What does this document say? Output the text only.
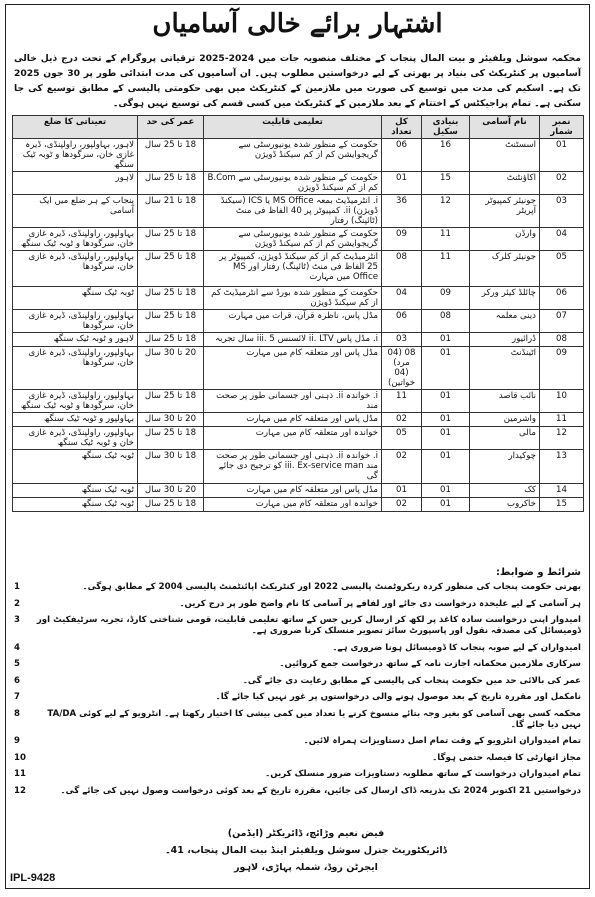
اشتہار برائے خالی آسامیاں
محکمہ سوشل ویلفیئر و بیت المال پنجاب کے مختلف منصوبہ جات میں 2024-2025 ترقیاتی پروگرام کے تحت درج ذیل خالی آسامیوں پر کنٹریکٹ کی بنیاد پر بھرتی کے لیے درخواستیں مطلوب ہیں۔ ان آسامیوں کی مدت ابتدائی طور پر 30 جون 2025 تک ہے۔ اسکیم کی مدت میں توسیع کی صورت میں ملازمین کے کنٹریکٹ میں بھی حکومتی پالیسی کے مطابق توسیع کی جا سکتی ہے۔ تمام پراجیکٹس کے اختتام کے بعد ملازمین کے کنٹریکٹ میں کسی قسم کی توسیع نہیں ہوگی۔
نمبر شمار	نام آسامی	بنیادی سکیل	کل تعداد	تعلیمی قابلیت	عمر کی حد	تعیناتی کا ضلع
01	اسسٹنٹ	16	06	حکومت کے منظور شدہ یونیورسٹی سے گریجوایشن کم از کم سیکنڈ ڈویژن	18 تا 25 سال	لاہور، بہاولپور، راولپنڈی، ڈیرہ غازی خان، سرگودھا و ٹوبہ ٹیک سنگھ
02	اکاؤنٹنٹ	15	01	حکومت کے منظور شدہ یونیورسٹی سے B.Com کم از کم سیکنڈ ڈویژن	18 تا 25 سال	لاہور
03	جونیئر کمپیوٹر آپریٹر	12	36	i. انٹرمیڈیٹ بمعہ MS Office یا ICS (سیکنڈ ڈویژن) ii. کمپیوٹر پر 40 الفاظ فی منٹ (ٹائپنگ) رفتار	18 تا 21 سال	پنجاب کے ہر ضلع میں ایک آسامی
04	وارڈن	11	09	حکومت کے منظور شدہ یونیورسٹی سے گریجوایشن کم از کم سیکنڈ ڈویژن	18 تا 25 سال	بہاولپور، راولپنڈی، ڈیرہ غازی خان، سرگودھا و ٹوبہ ٹیک سنگھ
05	جونیئر کلرک	11	08	انٹرمیڈیٹ کم از کم سیکنڈ ڈویژن، کمپیوٹر پر 25 الفاظ فی منٹ (ٹائپنگ) رفتار اور MS Office میں مہارت	18 تا 25 سال	بہاولپور، راولپنڈی، ڈیرہ غازی خان، سرگودھا
06	چائلڈ کیئر ورکر	09	04	حکومت کے منظور شدہ بورڈ سے انٹرمیڈیٹ کم از کم سیکنڈ ڈویژن	18 تا 25 سال	ٹوبہ ٹیک سنگھ
07	دینی معلمہ	08	06	مڈل پاس، ناظرہ قرآن، قرات میں مہارت	18 تا 25 سال	بہاولپور، راولپنڈی، ڈیرہ غازی خان، سرگودھا
08	ڈرائیور	01	03	i. مڈل پاس ii. LTV لائسنس iii. 5 سال تجربہ	18 تا 25 سال	لاہور و ٹوبہ ٹیک سنگھ
09	اٹینڈنٹ	01	08 (04 مرد) (04 خواتین)	مڈل پاس اور متعلقہ کام میں مہارت	20 تا 30 سال	بہاولپور، راولپنڈی، ڈیرہ غازی خان، سرگودھا
10	نائب قاصد	01	11	i. خواندہ ii. ذہنی اور جسمانی طور پر صحت مند	18 تا 25 سال	بہاولپور، راولپنڈی، ڈیرہ غازی خان، سرگودھا و ٹوبہ ٹیک سنگھ
11	واشرمین	01	02	مڈل پاس اور متعلقہ کام میں مہارت	20 تا 30 سال	بہاولپور و ٹوبہ ٹیک سنگھ
12	مالی	01	05	خواندہ اور متعلقہ کام میں مہارت	18 تا 25 سال	بہاولپور، راولپنڈی، ڈیرہ غازی خان و ٹوبہ ٹیک سنگھ
13	چوکیدار	01	02	i. خواندہ ii. ذہنی اور جسمانی طور پر صحت مند iii. Ex-service man کو ترجیح دی جائے گی	18 تا 30 سال	ٹوبہ ٹیک سنگھ
14	کک	01	01	مڈل پاس اور متعلقہ کام میں مہارت	20 تا 30 سال	ٹوبہ ٹیک سنگھ
15	خاکروب	01	02	خواندہ اور متعلقہ کام میں مہارت	18 تا 25 سال	ٹوبہ ٹیک سنگھ
شرائط و ضوابط:
بھرتی حکومت پنجاب کی منظور کردہ ریکروٹمنٹ پالیسی 2022 اور کنٹریکٹ اپائنٹمنٹ پالیسی 2004 کے مطابق ہوگی۔
1
ہر آسامی کے لیے علیحدہ درخواست دی جائے اور لفافے پر آسامی کا نام واضح طور پر درج کریں۔
2
امیدوار اپنی درخواست سادہ کاغذ پر لکھ کر ارسال کریں جس کے ساتھ تعلیمی قابلیت، قومی شناختی کارڈ، تجربہ سرٹیفکیٹ اور ڈومیسائل کی مصدقہ نقول اور پاسپورٹ سائز تصویر منسلک کرنا ضروری ہے۔
3
امیدواران کے لیے صوبہ پنجاب کا ڈومیسائل ہونا ضروری ہے۔
4
سرکاری ملازمین محکمانہ اجازت نامہ کے ساتھ درخواست جمع کروائیں۔
5
عمر کی بالائی حد میں حکومت پنجاب کی پالیسی کے مطابق رعایت دی جائے گی۔
6
نامکمل اور مقررہ تاریخ کے بعد موصول ہونے والی درخواستوں پر غور نہیں کیا جائے گا۔
7
محکمہ کسی بھی آسامی کو بغیر وجہ بتائے منسوخ کرنے یا تعداد میں کمی بیشی کا اختیار رکھتا ہے۔ انٹرویو کے لیے کوئی TA/DA نہیں دیا جائے گا۔
8
تمام امیدواران انٹرویو کے وقت تمام اصل دستاویزات ہمراہ لائیں۔
9
مجاز اتھارٹی کا فیصلہ حتمی ہوگا۔
10
تمام امیدواران درخواست کے ساتھ مطلوبہ دستاویزات ضرور منسلک کریں۔
11
درخواستیں 21 اکتوبر 2024 تک بذریعہ ڈاک ارسال کی جائیں، مقررہ تاریخ کے بعد کوئی درخواست وصول نہیں کی جائے گی۔
12
فیض نعیم وڑائچ، ڈائریکٹر (ایڈمن)
ڈائریکٹوریٹ جنرل سوشل ویلفیئر اینڈ بیت المال پنجاب، 41۔ ایجرٹن روڈ، شملہ پہاڑی، لاہور
IPL-9428
